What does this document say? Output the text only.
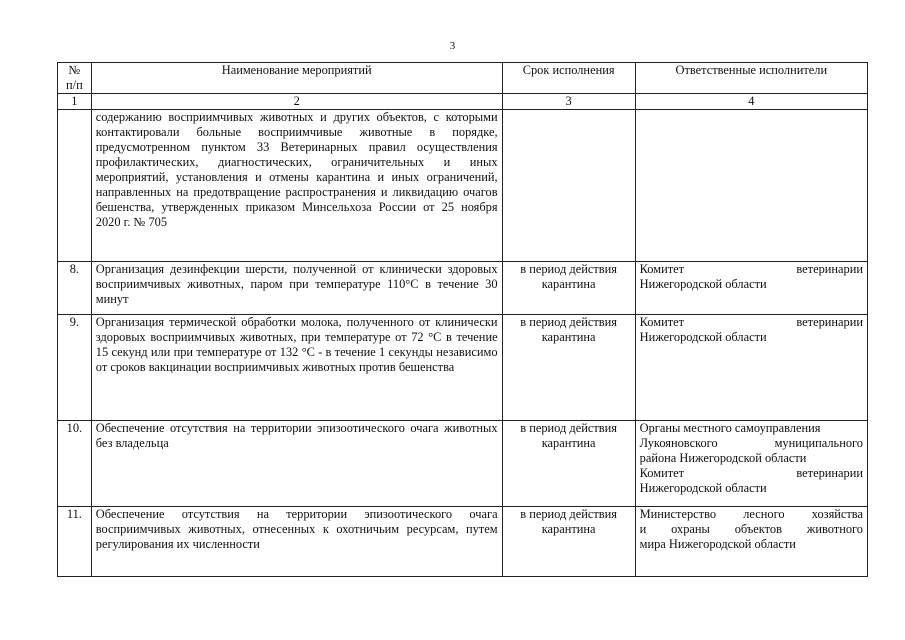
3
№ п/п	Наименование мероприятий	Срок исполнения	Ответственные исполнители
1	2	3	4
	содержанию восприимчивых животных и других объектов, с которыми контактировали больные восприимчивые животные в порядке, предусмотренном пунктом 33 Ветеринарных правил осуществления профилактических, диагностических, ограничительных и иных мероприятий, установления и отмены карантина и иных ограничений, направленных на предотвращение распространения и ликвидацию очагов бешенства, утвержденных приказом Минсельхоза России от 25 ноября 2020 г. № 705		
8.	Организация дезинфекции шерсти, полученной от клинически здоровых восприимчивых животных, паром при температуре 110°С в течение 30 минут	в период действия карантина	Комитет ветеринарии
Нижегородской области

9.	Организация термической обработки молока, полученного от клинически здоровых восприимчивых животных, при температуре от 72 °С в течение 15 секунд или при температуре от 132 °С - в течение 1 секунды независимо от сроков вакцинации восприимчивых животных против бешенства	в период действия карантина	Комитет ветеринарии
Нижегородской области

10.	Обеспечение отсутствия на территории эпизоотического очага животных без владельца	в период действия карантина	Органы местного самоуправления
Лукояновского муниципального
района Нижегородской области
Комитет ветеринарии
Нижегородской области

11.	Обеспечение отсутствия на территории эпизоотического очага восприимчивых животных, отнесенных к охотничьим ресурсам, путем регулирования их численности	в период действия карантина	Министерство лесного хозяйства
и охраны объектов животного
мира Нижегородской области
